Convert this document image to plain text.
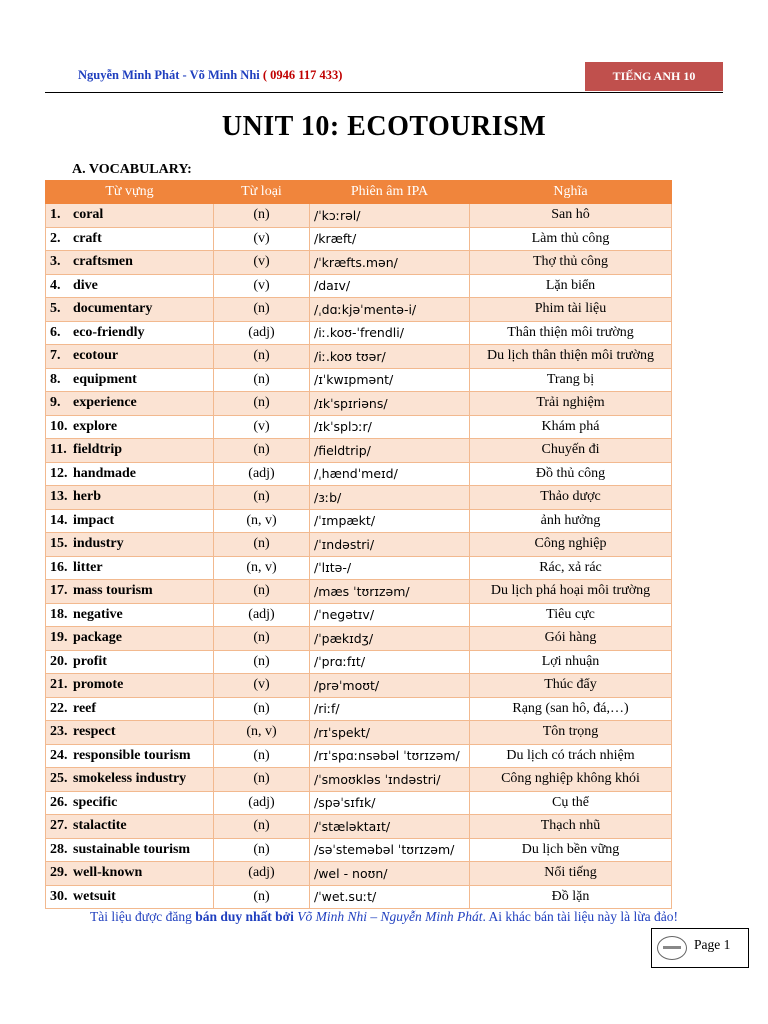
Nguyễn Minh Phát - Võ Minh Nhi ( 0946 117 433)	TIẾNG ANH 10
UNIT 10: ECOTOURISM
A. VOCABULARY:
Từ vựng	Từ loại	Phiên âm IPA	Nghĩa
1. coral	(n)	/ˈkɔːrəl/	San hô
2. craft	(v)	/kræft/	Làm thủ công
3. craftsmen	(v)	/ˈkræfts.mən/	Thợ thủ công
4. dive	(v)	/daɪv/	Lặn biển
5. documentary	(n)	/ˌdɑːkjəˈmentə-i/	Phim tài liệu
6. eco-friendly	(adj)	/iː.koʊ-ˈfrendli/	Thân thiện môi trường
7. ecotour	(n)	/iː.koʊ tʊər/	Du lịch thân thiện môi trường
8. equipment	(n)	/ɪˈkwɪpmənt/	Trang bị
9. experience	(n)	/ɪkˈspɪriəns/	Trải nghiệm
10. explore	(v)	/ɪkˈsplɔːr/	Khám phá
11. fieldtrip	(n)	/fieldtrip/	Chuyến đi
12. handmade	(adj)	/ˌhændˈmeɪd/	Đồ thủ công
13. herb	(n)	/ɜːb/	Thảo dược
14. impact	(n, v)	/ˈɪmpækt/	ảnh hưởng
15. industry	(n)	/ˈɪndəstri/	Công nghiệp
16. litter	(n, v)	/ˈlɪtə-/	Rác, xả rác
17. mass tourism	(n)	/mæs ˈtʊrɪzəm/	Du lịch phá hoại môi trường
18. negative	(adj)	/ˈneɡətɪv/	Tiêu cực
19. package	(n)	/ˈpækɪdʒ/	Gói hàng
20. profit	(n)	/ˈprɑːfɪt/	Lợi nhuận
21. promote	(v)	/prəˈmoʊt/	Thúc đẩy
22. reef	(n)	/riːf/	Rạng (san hô, đá,…)
23. respect	(n, v)	/rɪˈspekt/	Tôn trọng
24. responsible tourism	(n)	/rɪˈspɑːnsəbəl ˈtʊrɪzəm/	Du lịch có trách nhiệm
25. smokeless industry	(n)	/ˈsmoʊkləs ˈɪndəstri/	Công nghiệp không khói
26. specific	(adj)	/spəˈsɪfɪk/	Cụ thể
27. stalactite	(n)	/ˈstæləktaɪt/	Thạch nhũ
28. sustainable tourism	(n)	/səˈsteməbəl ˈtʊrɪzəm/	Du lịch bền vững
29. well-known	(adj)	/wel - noʊn/	Nổi tiếng
30. wetsuit	(n)	/ˈwet.suːt/	Đồ lặn
Tài liệu được đăng bán duy nhất bởi Võ Minh Nhi – Nguyễn Minh Phát. Ai khác bán tài liệu này là lừa đảo!
Page 1
